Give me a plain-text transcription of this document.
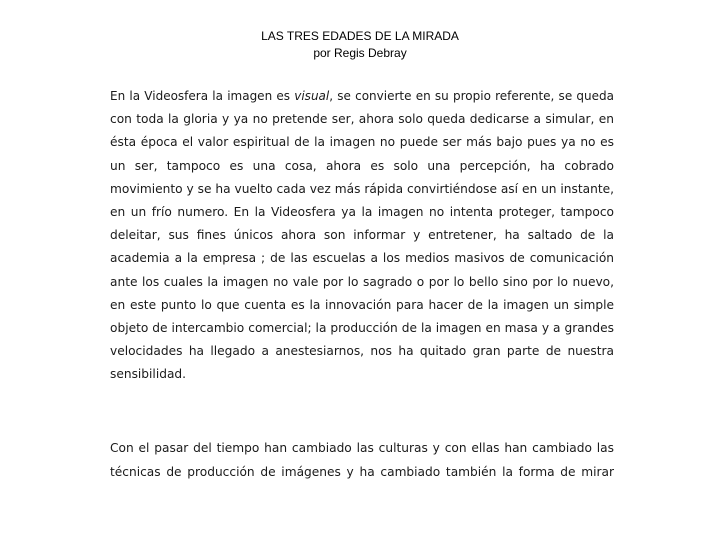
LAS TRES EDADES DE LA MIRADA
por Regis Debray
En la Videosfera la imagen es visual, se convierte en su propio referente, se queda
con toda la gloria y ya no pretende ser, ahora solo queda dedicarse a simular, en
ésta época el valor espiritual de la imagen no puede ser más bajo pues ya no es
un ser, tampoco es una cosa, ahora es solo una percepción, ha cobrado
movimiento y se ha vuelto cada vez más rápida convirtiéndose así en un instante,
en un frío numero. En la Videosfera ya la imagen no intenta proteger, tampoco
deleitar, sus fines únicos ahora son informar y entretener, ha saltado de la
academia a la empresa ; de las escuelas a los medios masivos de comunicación
ante los cuales la imagen no vale por lo sagrado o por lo bello sino por lo nuevo,
en este punto lo que cuenta es la innovación para hacer de la imagen un simple
objeto de intercambio comercial; la producción de la imagen en masa y a grandes
velocidades ha llegado a anestesiarnos, nos ha quitado gran parte de nuestra
sensibilidad.
Con el pasar del tiempo han cambiado las culturas y con ellas han cambiado las
técnicas de producción de imágenes y ha cambiado también la forma de mirar
